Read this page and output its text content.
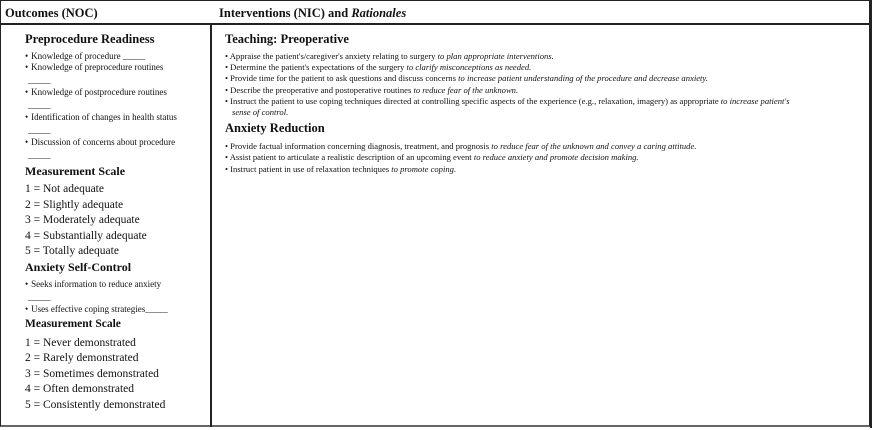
Outcomes (NOC)	Interventions (NIC) and Rationales
Preprocedure Readiness
• Knowledge of procedure _____
• Knowledge of preprocedure routines
_____
• Knowledge of postprocedure routines
_____
• Identification of changes in health status
_____
• Discussion of concerns about procedure
_____
Measurement Scale
1 = Not adequate
2 = Slightly adequate
3 = Moderately adequate
4 = Substantially adequate
5 = Totally adequate
Anxiety Self-Control
• Seeks information to reduce anxiety
_____
• Uses effective coping strategies_____
Measurement Scale
1 = Never demonstrated
2 = Rarely demonstrated
3 = Sometimes demonstrated
4 = Often demonstrated
5 = Consistently demonstrated
Teaching: Preoperative
• Appraise the patient's/caregiver's anxiety relating to surgery to plan appropriate interventions.
• Determine the patient's expectations of the surgery to clarify misconceptions as needed.
• Provide time for the patient to ask questions and discuss concerns to increase patient understanding of the procedure and decrease anxiety.
• Describe the preoperative and postoperative routines to reduce fear of the unknown.
• Instruct the patient to use coping techniques directed at controlling specific aspects of the experience (e.g., relaxation, imagery) as appropriate to increase patient's
sense of control.
Anxiety Reduction
• Provide factual information concerning diagnosis, treatment, and prognosis to reduce fear of the unknown and convey a caring attitude.
• Assist patient to articulate a realistic description of an upcoming event to reduce anxiety and promote decision making.
• Instruct patient in use of relaxation techniques to promote coping.
